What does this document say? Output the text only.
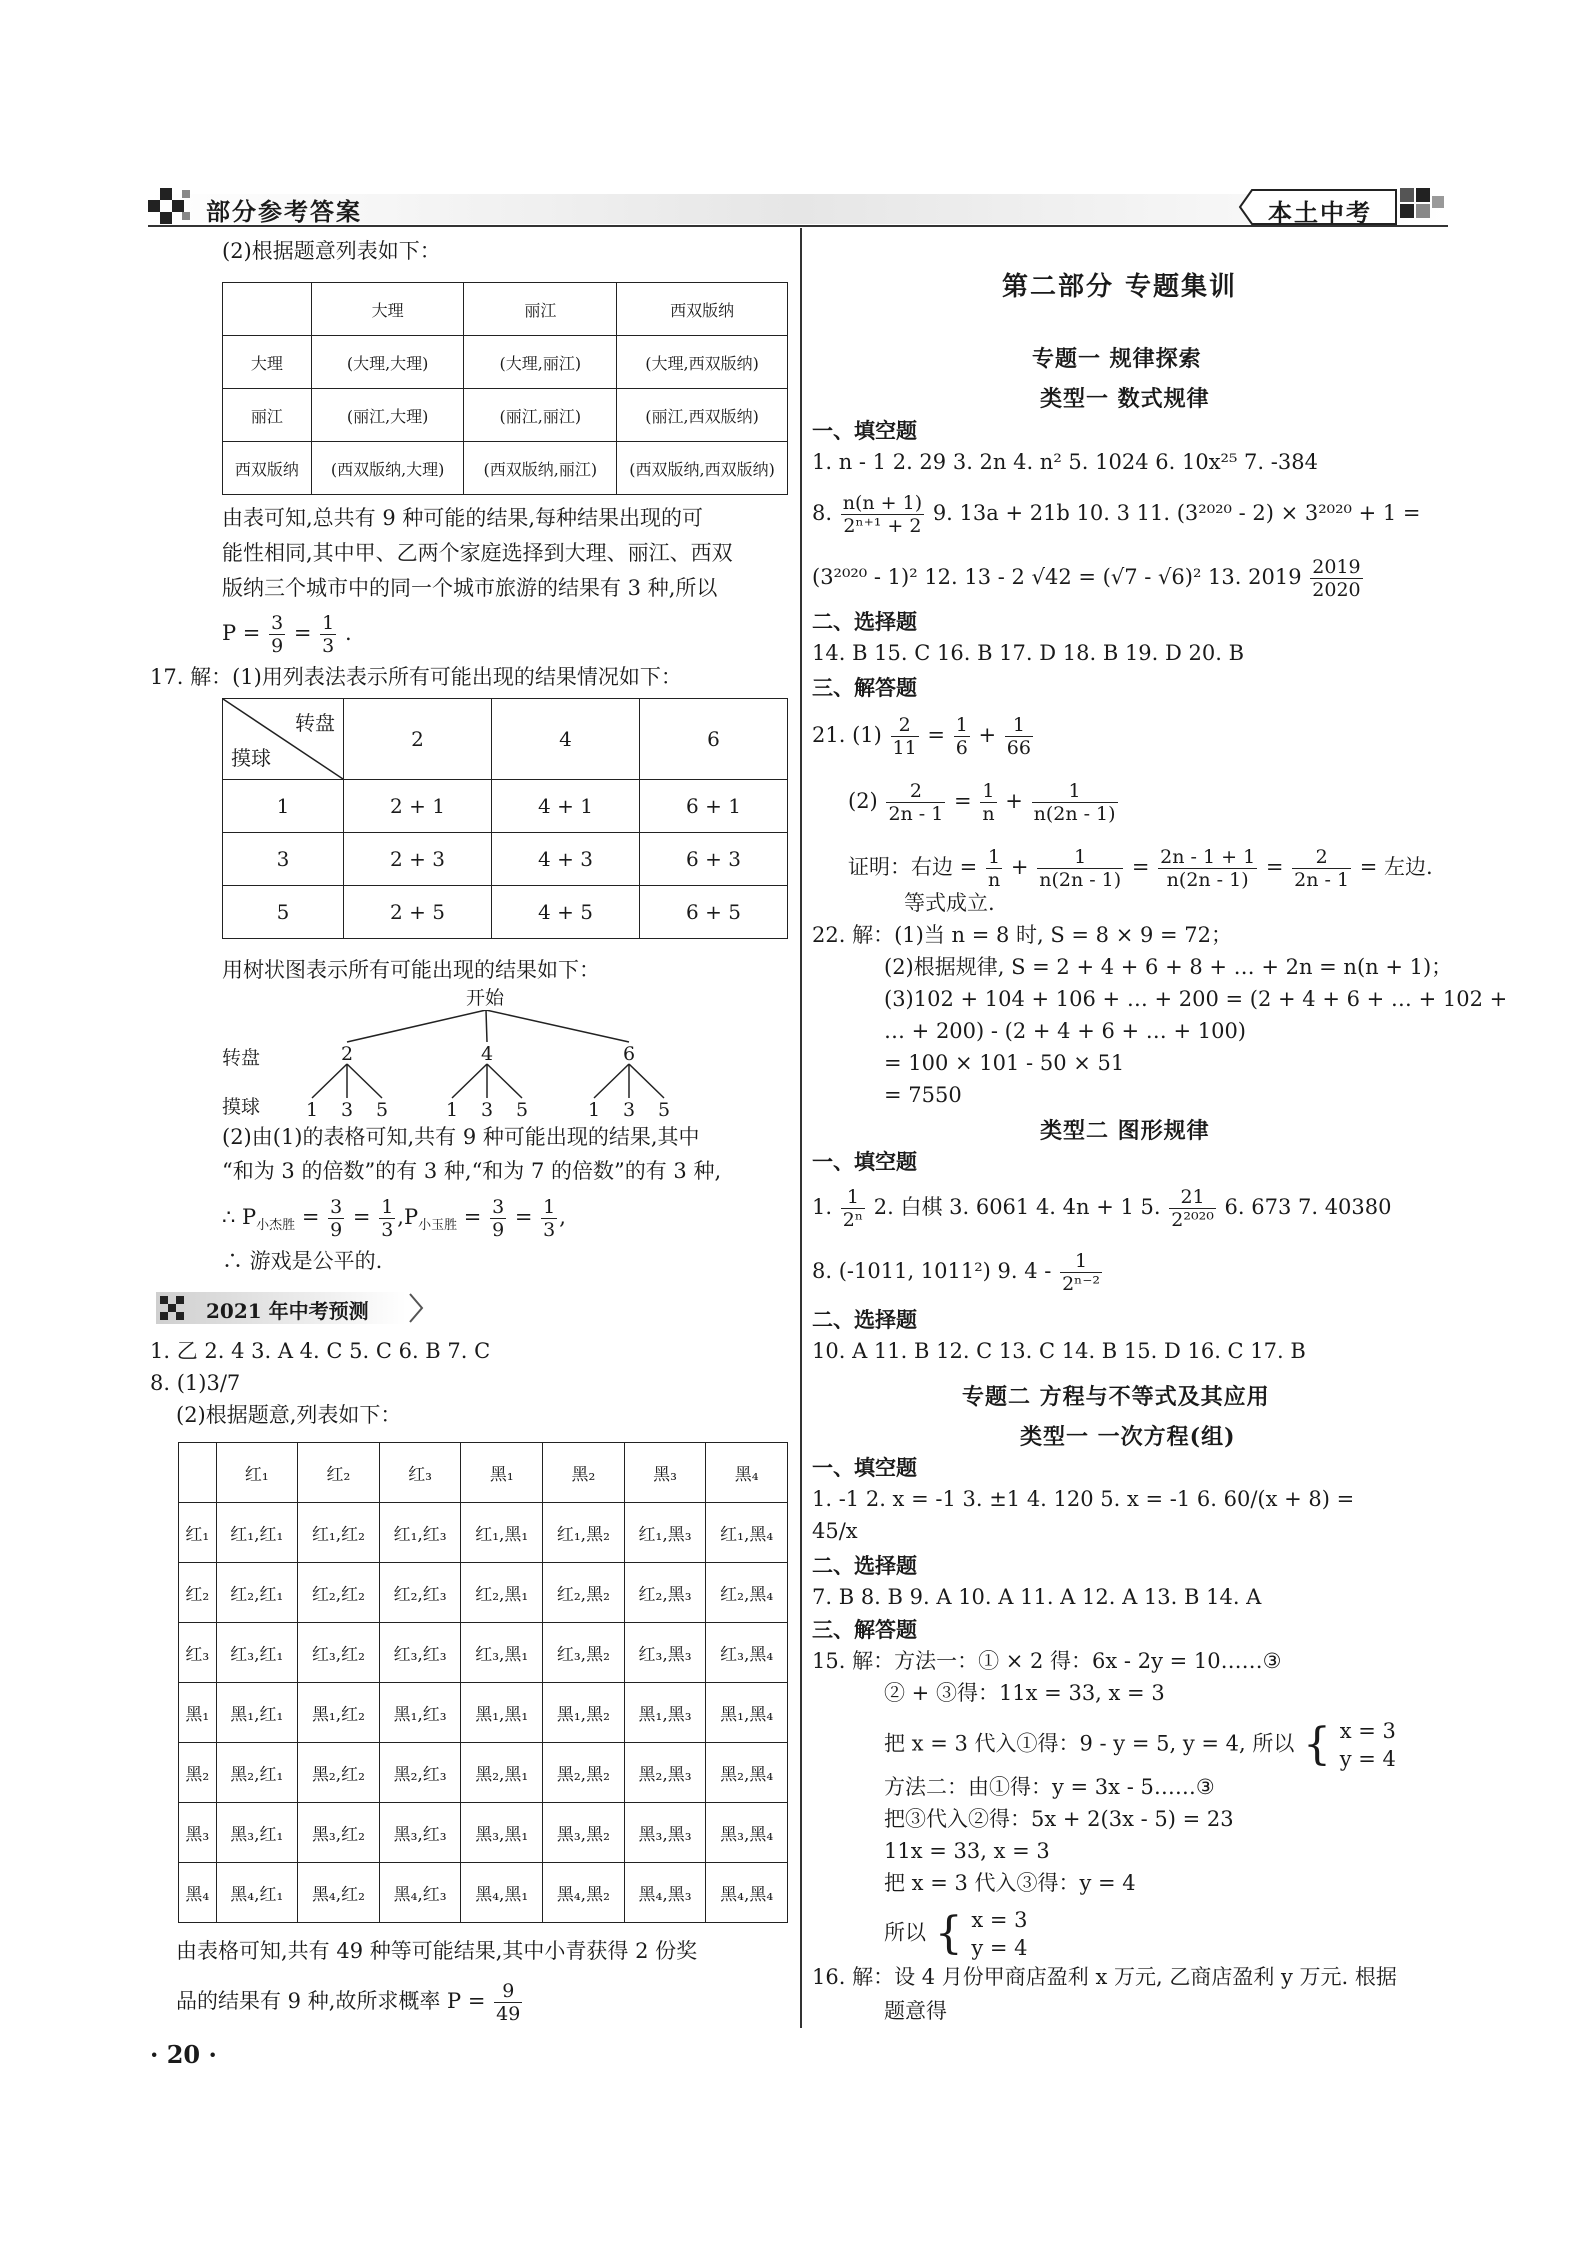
部分参考答案	本土中考
(2)根据题意列表如下：
	大理	丽江	西双版纳
大理	(大理,大理)	(大理,丽江)	(大理,西双版纳)
丽江	(丽江,大理)	(丽江,丽江)	(丽江,西双版纳)
西双版纳	(西双版纳,大理)	(西双版纳,丽江)	(西双版纳,西双版纳)
由表可知,总共有 9 种可能的结果,每种结果出现的可
能性相同,其中甲、乙两个家庭选择到大理、丽江、西双
版纳三个城市中的同一个城市旅游的结果有 3 种,所以
$P = \frac{3}{9} = \frac{1}{3}$ .
17. 解：(1)用列表法表示所有可能出现的结果情况如下：
转盘
摸球	2	4	6
1	2 + 1	4 + 1	6 + 1
3	2 + 3	4 + 3	6 + 3
5	2 + 5	4 + 5	6 + 5
用树状图表示所有可能出现的结果如下：
开始
转盘	2	4	6
摸球 1 3 5	1 3 5	1 3 5
(2)由(1)的表格可知,共有 9 种可能出现的结果,其中
“和为 3 的倍数”的有 3 种,“和为 7 的倍数”的有 3 种,
∴ $P_{小杰胜} = \frac{3}{9} = \frac{1}{3} ,P_{小玉胜} = \frac{3}{9} = \frac{1}{3}$ ,
∴ 游戏是公平的.
2021 年中考预测
1. 乙 2. 4 3. A 4. C 5. C 6. B 7. C
8. (1)3/7
(2)根据题意,列表如下：
	红₁	红₂	红₃	黑₁	黑₂	黑₃	黑₄
红₁	红₁,红₁	红₁,红₂	红₁,红₃	红₁,黑₁	红₁,黑₂	红₁,黑₃	红₁,黑₄
红₂	红₂,红₁	红₂,红₂	红₂,红₃	红₂,黑₁	红₂,黑₂	红₂,黑₃	红₂,黑₄
红₃	红₃,红₁	红₃,红₂	红₃,红₃	红₃,黑₁	红₃,黑₂	红₃,黑₃	红₃,黑₄
黑₁	黑₁,红₁	黑₁,红₂	黑₁,红₃	黑₁,黑₁	黑₁,黑₂	黑₁,黑₃	黑₁,黑₄
黑₂	黑₂,红₁	黑₂,红₂	黑₂,红₃	黑₂,黑₁	黑₂,黑₂	黑₂,黑₃	黑₂,黑₄
黑₃	黑₃,红₁	黑₃,红₂	黑₃,红₃	黑₃,黑₁	黑₃,黑₂	黑₃,黑₃	黑₃,黑₄
黑₄	黑₄,红₁	黑₄,红₂	黑₄,红₃	黑₄,黑₁	黑₄,黑₂	黑₄,黑₃	黑₄,黑₄
由表格可知,共有 49 种等可能结果,其中小青获得 2 份奖
品的结果有 9 种,故所求概率 $P = \frac{9}{49}$
· 20 ·
第二部分 专题集训
专题一 规律探索
类型一 数式规律
一、填空题
1. n - 1 2. 29 3. 2n 4. n² 5. 1024 6. 10x²⁵ 7. -384
8. $\frac{n(n + 1)}{\text{2ⁿ⁺¹ + 2}} 9$. 13a + 21b 10. 3 11. (3²⁰²⁰ - 2) × 3²⁰²⁰ + 1 =
(3²⁰²⁰ - 1)² 12. 13 - 2 √42 = (√7 - √6)² 13. $2019 \frac{2019}{2020}$
二、选择题
14. B 15. C 16. B 17. D 18. B 19. D 20. B
三、解答题
21. $(1) \frac{2}{11} = \frac{1}{6} + \frac{1}{66}$
$(2) \frac{2}{2n - 1} = \frac{1}{n} + \frac{1}{n(2n - 1)}$
证明：右边 = $\frac{1}{n} + \frac{1}{n(2n - 1)} = \frac{2n - 1 + 1}{n(2n - 1)} = \frac{2}{2n - 1}$ = 左边.
等式成立.
22. 解：(1)当 n = 8 时, S = 8 × 9 = 72；
(2)根据规律, S = 2 + 4 + 6 + 8 + … + 2n = n(n + 1)；
(3)102 + 104 + 106 + … + 200 = (2 + 4 + 6 + … + 102 +
… + 200) - (2 + 4 + 6 + … + 100)
= 100 × 101 - 50 × 51
= 7550
类型二 图形规律
一、填空题
1. $\frac{1}{\text{2ⁿ}} 2$. 白棋 3. 6061 4. 4n + 1 5. $\frac{21}{\text{2²⁰²⁰}} 6$. 673 7. 40380
8. (-1011, 1011²) 9. $4 - \frac{1}{\text{2ⁿ⁻²}}$
二、选择题
10. A 11. B 12. C 13. C 14. B 15. D 16. C 17. B
专题二 方程与不等式及其应用
类型一 一次方程(组)
一、填空题
1. -1 2. x = -1 3. ±1 4. 120 5. x = -1 6. 60/(x + 8) =
45/x
二、选择题
7. B 8. B 9. A 10. A 11. A 12. A 13. B 14. A
三、解答题
15. 解：方法一：① × 2 得：6x - 2y = 10……③
② + ③得：11x = 33, x = 3
把 x = 3 代入①得：9 - y = 5, y = 4, 所以 { x = 3
y = 4
方法二：由①得：y = 3x - 5……③
把③代入②得：5x + 2(3x - 5) = 23
11x = 33, x = 3
把 x = 3 代入③得：y = 4
所以 { x = 3
y = 4
16. 解：设 4 月份甲商店盈利 x 万元, 乙商店盈利 y 万元. 根据
题意得
